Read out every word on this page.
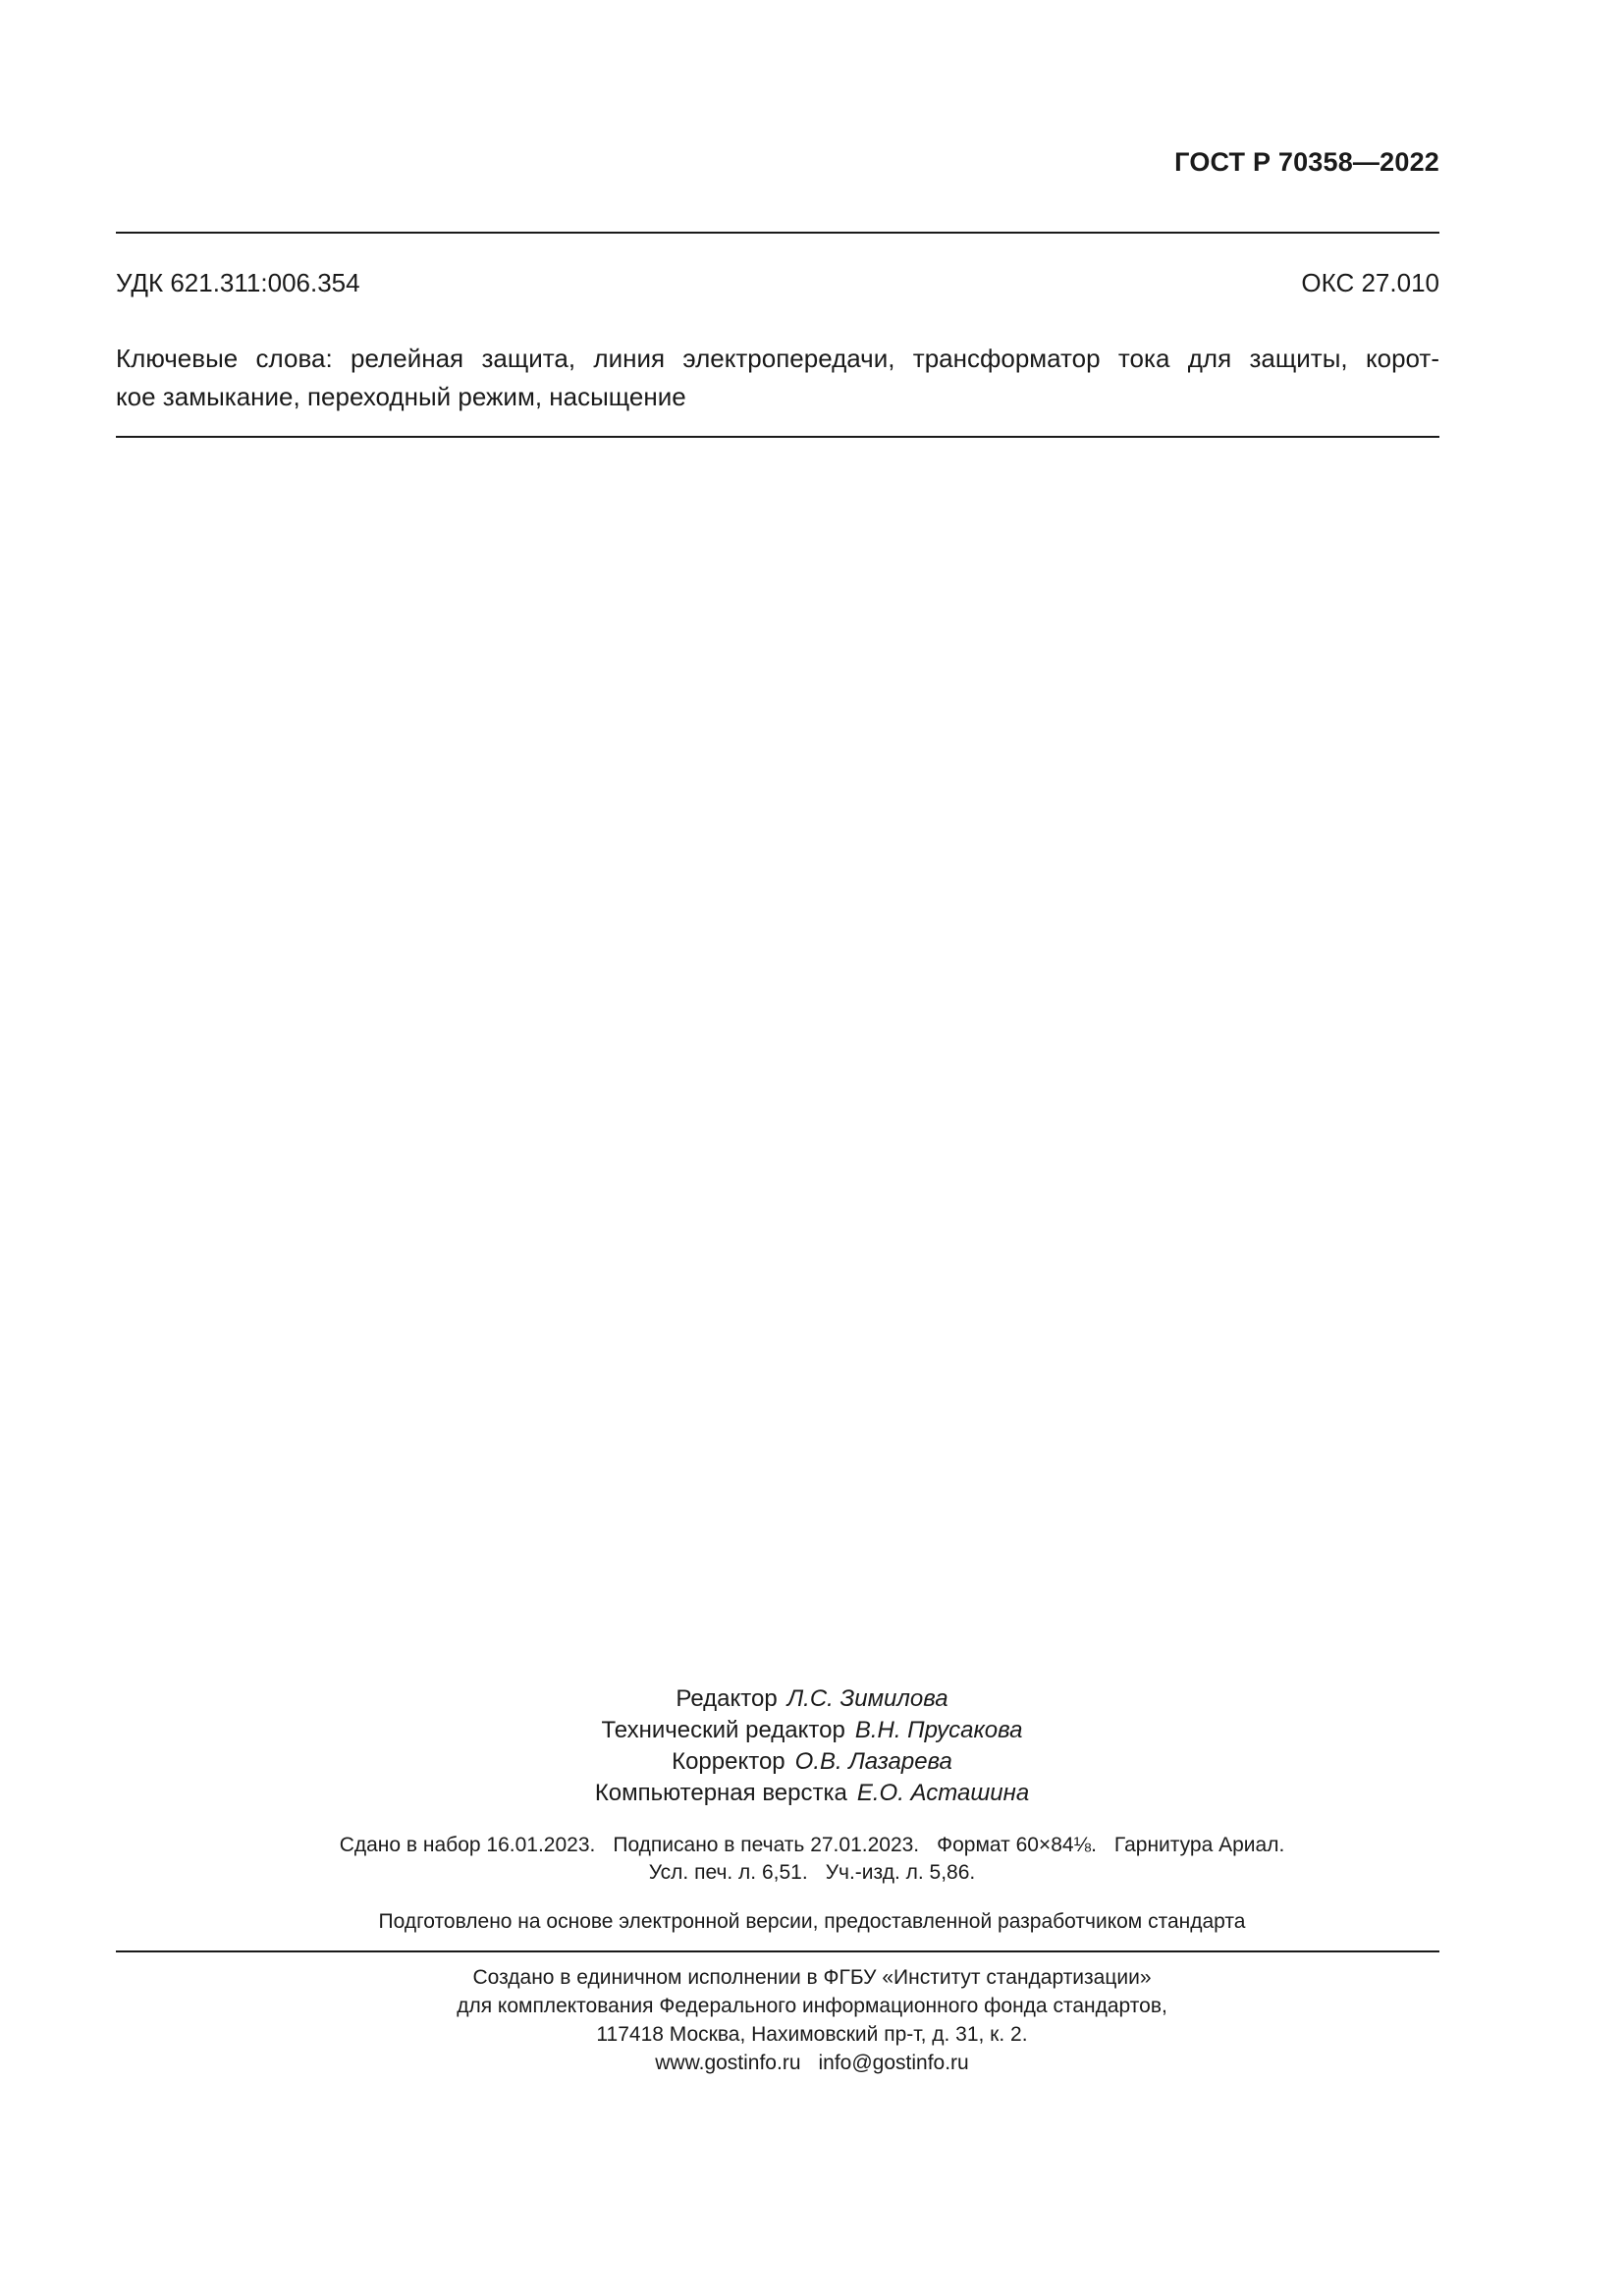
ГОСТ Р 70358—2022
УДК 621.311:006.354	ОКС 27.010
Ключевые слова: релейная защита, линия электропередачи, трансформатор тока для защиты, корот-
кое замыкание, переходный режим, насыщение
Редактор Л.С. Зимилова
Технический редактор В.Н. Прусакова
Корректор О.В. Лазарева
Компьютерная верстка Е.О. Асташина
Сдано в набор 16.01.2023. Подписано в печать 27.01.2023. Формат 60×84⅛. Гарнитура Ариал.
Усл. печ. л. 6,51. Уч.-изд. л. 5,86.
Подготовлено на основе электронной версии, предоставленной разработчиком стандарта
Создано в единичном исполнении в ФГБУ «Институт стандартизации»
для комплектования Федерального информационного фонда стандартов,
117418 Москва, Нахимовский пр-т, д. 31, к. 2.
www.gostinfo.ru info@gostinfo.ru
